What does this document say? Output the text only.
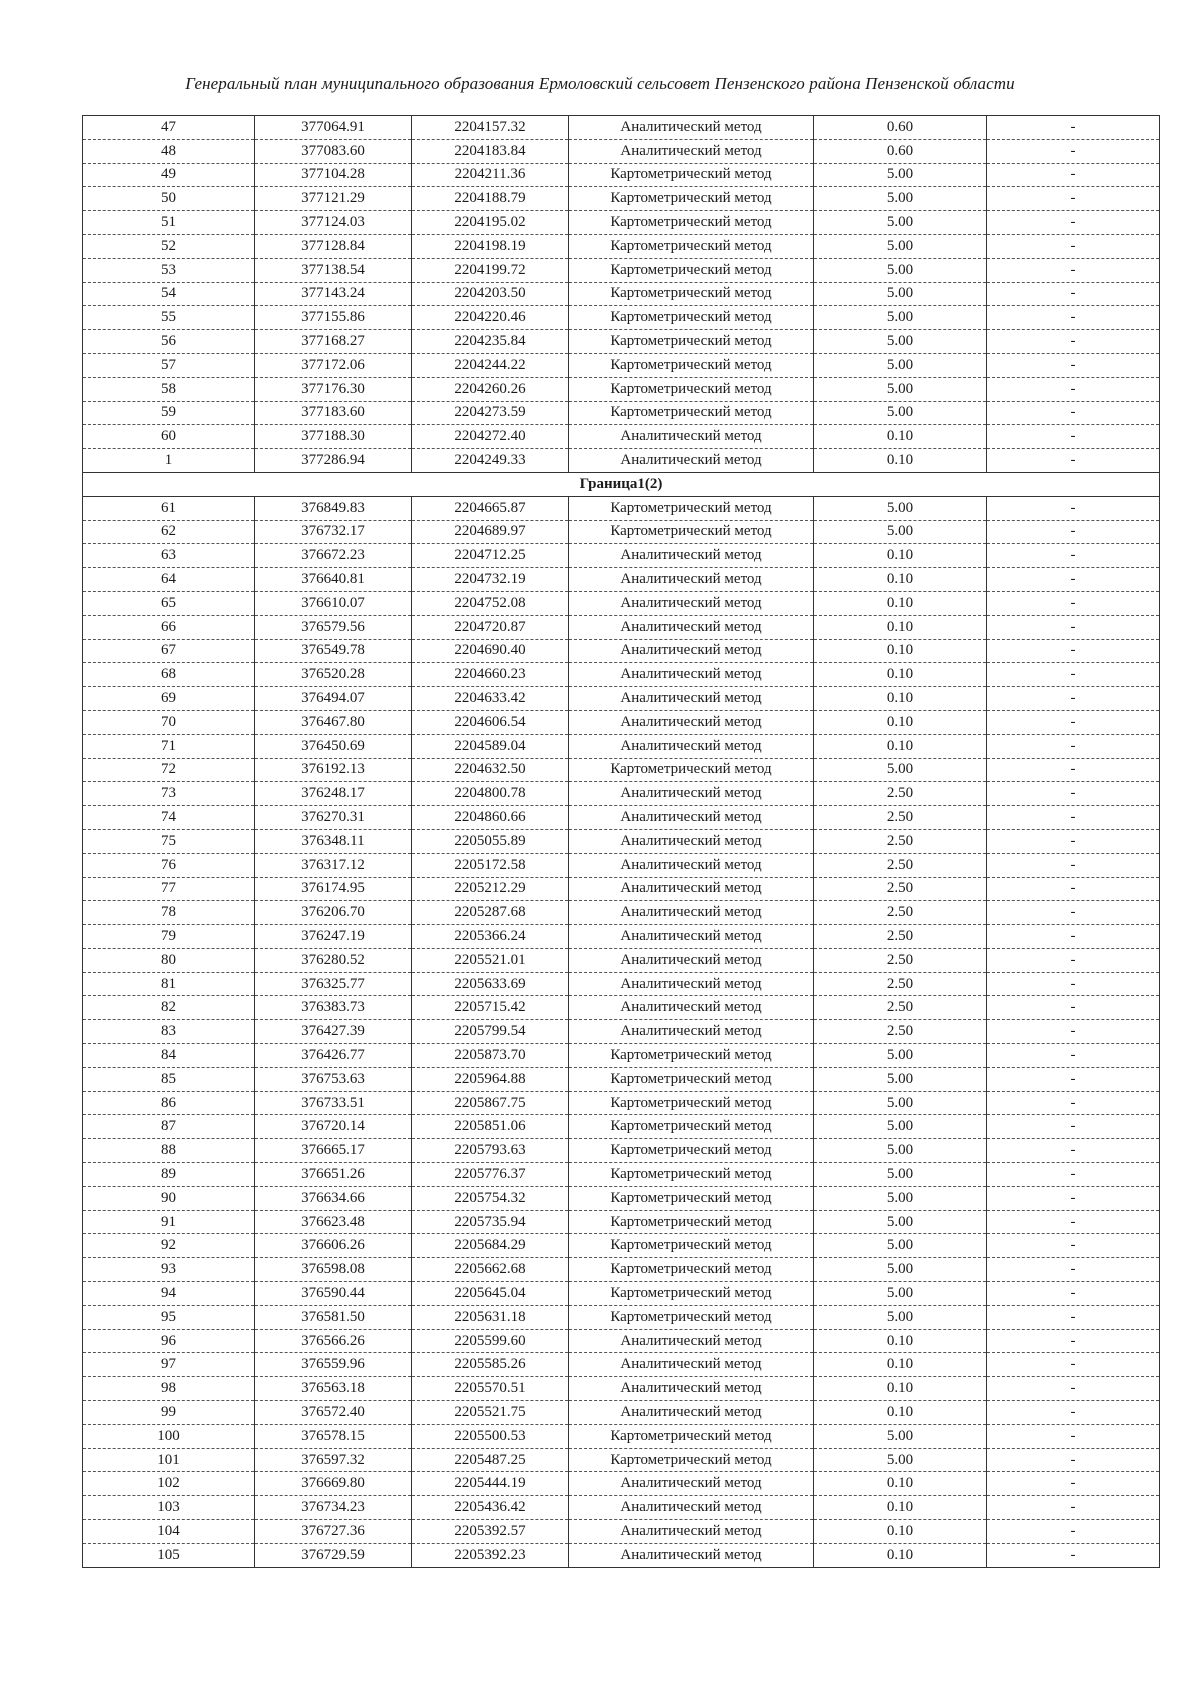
Генеральный план муниципального образования Ермоловский сельсовет Пензенского района Пензенской области
47	377064.91	2204157.32	Аналитический метод	0.60	-
48	377083.60	2204183.84	Аналитический метод	0.60	-
49	377104.28	2204211.36	Картометрический метод	5.00	-
50	377121.29	2204188.79	Картометрический метод	5.00	-
51	377124.03	2204195.02	Картометрический метод	5.00	-
52	377128.84	2204198.19	Картометрический метод	5.00	-
53	377138.54	2204199.72	Картометрический метод	5.00	-
54	377143.24	2204203.50	Картометрический метод	5.00	-
55	377155.86	2204220.46	Картометрический метод	5.00	-
56	377168.27	2204235.84	Картометрический метод	5.00	-
57	377172.06	2204244.22	Картометрический метод	5.00	-
58	377176.30	2204260.26	Картометрический метод	5.00	-
59	377183.60	2204273.59	Картометрический метод	5.00	-
60	377188.30	2204272.40	Аналитический метод	0.10	-
1	377286.94	2204249.33	Аналитический метод	0.10	-
Граница1(2)					
61	376849.83	2204665.87	Картометрический метод	5.00	-
62	376732.17	2204689.97	Картометрический метод	5.00	-
63	376672.23	2204712.25	Аналитический метод	0.10	-
64	376640.81	2204732.19	Аналитический метод	0.10	-
65	376610.07	2204752.08	Аналитический метод	0.10	-
66	376579.56	2204720.87	Аналитический метод	0.10	-
67	376549.78	2204690.40	Аналитический метод	0.10	-
68	376520.28	2204660.23	Аналитический метод	0.10	-
69	376494.07	2204633.42	Аналитический метод	0.10	-
70	376467.80	2204606.54	Аналитический метод	0.10	-
71	376450.69	2204589.04	Аналитический метод	0.10	-
72	376192.13	2204632.50	Картометрический метод	5.00	-
73	376248.17	2204800.78	Аналитический метод	2.50	-
74	376270.31	2204860.66	Аналитический метод	2.50	-
75	376348.11	2205055.89	Аналитический метод	2.50	-
76	376317.12	2205172.58	Аналитический метод	2.50	-
77	376174.95	2205212.29	Аналитический метод	2.50	-
78	376206.70	2205287.68	Аналитический метод	2.50	-
79	376247.19	2205366.24	Аналитический метод	2.50	-
80	376280.52	2205521.01	Аналитический метод	2.50	-
81	376325.77	2205633.69	Аналитический метод	2.50	-
82	376383.73	2205715.42	Аналитический метод	2.50	-
83	376427.39	2205799.54	Аналитический метод	2.50	-
84	376426.77	2205873.70	Картометрический метод	5.00	-
85	376753.63	2205964.88	Картометрический метод	5.00	-
86	376733.51	2205867.75	Картометрический метод	5.00	-
87	376720.14	2205851.06	Картометрический метод	5.00	-
88	376665.17	2205793.63	Картометрический метод	5.00	-
89	376651.26	2205776.37	Картометрический метод	5.00	-
90	376634.66	2205754.32	Картометрический метод	5.00	-
91	376623.48	2205735.94	Картометрический метод	5.00	-
92	376606.26	2205684.29	Картометрический метод	5.00	-
93	376598.08	2205662.68	Картометрический метод	5.00	-
94	376590.44	2205645.04	Картометрический метод	5.00	-
95	376581.50	2205631.18	Картометрический метод	5.00	-
96	376566.26	2205599.60	Аналитический метод	0.10	-
97	376559.96	2205585.26	Аналитический метод	0.10	-
98	376563.18	2205570.51	Аналитический метод	0.10	-
99	376572.40	2205521.75	Аналитический метод	0.10	-
100	376578.15	2205500.53	Картометрический метод	5.00	-
101	376597.32	2205487.25	Картометрический метод	5.00	-
102	376669.80	2205444.19	Аналитический метод	0.10	-
103	376734.23	2205436.42	Аналитический метод	0.10	-
104	376727.36	2205392.57	Аналитический метод	0.10	-
105	376729.59	2205392.23	Аналитический метод	0.10	-
